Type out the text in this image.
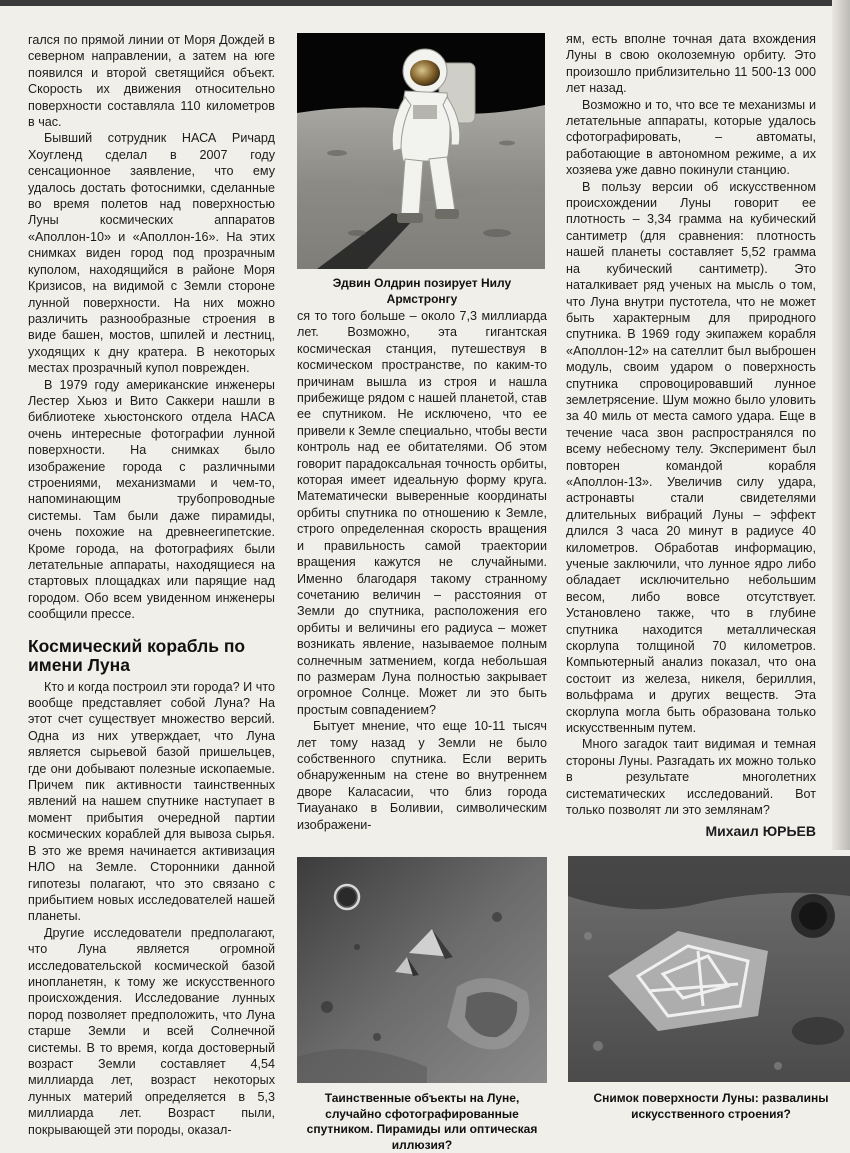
гался по прямой линии от Моря Дождей в северном направлении, а затем на юге появился и второй светящийся объект. Скорость их движения относительно поверхности составляла 110 километров в час.

Бывший сотрудник НАСА Ричард Хоугленд сделал в 2007 году сенсационное заявление, что ему удалось достать фотоснимки, сделанные во время полетов над поверхностью Луны космических аппаратов «Аполлон-10» и «Аполлон-16». На этих снимках виден город под прозрачным куполом, находящийся в районе Моря Кризисов, на видимой с Земли стороне лунной поверхности. На них можно различить разнообразные строения в виде башен, мостов, шпилей и лестниц, уходящих к дну кратера. В некоторых местах прозрачный купол поврежден.

В 1979 году американские инженеры Лестер Хьюз и Вито Саккери нашли в библиотеке хьюстонского отдела НАСА очень интересные фотографии лунной поверхности. На снимках было изображение города с различными строениями, механизмами и чем-то, напоминающим трубопроводные системы. Там были даже пирамиды, очень похожие на древнеегипетские. Кроме города, на фотографиях были летательные аппараты, находящиеся на стартовых площадках или парящие над городом. Обо всем увиденном инженеры сообщили прессе.

Космический корабль по имени Луна

Кто и когда построил эти города? И что вообще представляет собой Луна? На этот счет существует множество версий. Одна из них утверждает, что Луна является сырьевой базой пришельцев, где они добывают полезные ископаемые. Причем пик активности таинственных явлений на нашем спутнике наступает в момент прибытия очередной партии космических кораблей для вывоза сырья. В это же время начинается активизация НЛО на Земле. Сторонники данной гипотезы полагают, что это связано с прибытием новых исследователей нашей планеты.

Другие исследователи предполагают, что Луна является огромной исследовательской космической базой инопланетян, к тому же искусственного происхождения. Исследование лунных пород позволяет предположить, что Луна старше Земли и всей Солнечной системы. В то время, когда достоверный возраст Земли составляет 4,54 миллиарда лет, возраст некоторых лунных материй определяется в 5,3 миллиарда лет. Возраст пыли, покрывающей эти породы, оказал-

Эдвин Олдрин позирует Нилу Армстронгу

ся то того больше – около 7,3 миллиарда лет. Возможно, эта гигантская космическая станция, путешествуя в космическом пространстве, по каким-то причинам вышла из строя и нашла прибежище рядом с нашей планетой, став ее спутником. Не исключено, что ее привели к Земле специально, чтобы вести контроль над ее обитателями. Об этом говорит парадоксальная точность орбиты, которая имеет идеальную форму круга. Математически выверенные координаты орбиты спутника по отношению к Земле, строго определенная скорость вращения и правильность самой траектории вращения кажутся не случайными. Именно благодаря такому странному сочетанию величин – расстояния от Земли до спутника, расположения его орбиты и величины его радиуса – может возникать явление, называемое полным солнечным затмением, когда небольшая по размерам Луна полностью закрывает огромное Солнце. Может ли это быть простым совпадением?

Бытует мнение, что еще 10-11 тысяч лет тому назад у Земли не было собственного спутника. Если верить обнаруженным на стене во внутреннем дворе Каласасии, что близ города Тиауанако в Боливии, символическим изображени-

ям, есть вполне точная дата вхождения Луны в свою околоземную орбиту. Это произошло приблизительно 11 500-13 000 лет назад.

Возможно и то, что все те механизмы и летательные аппараты, которые удалось сфотографировать, – автоматы, работающие в автономном режиме, а их хозяева уже давно покинули станцию.

В пользу версии об искусственном происхождении Луны говорит ее плотность – 3,34 грамма на кубический сантиметр (для сравнения: плотность нашей планеты составляет 5,52 грамма на кубический сантиметр). Это наталкивает ряд ученых на мысль о том, что Луна внутри пустотела, что не может быть характерным для природного спутника. В 1969 году экипажем корабля «Аполлон-12» на сателлит был выброшен модуль, своим ударом о поверхность спутника спровоцировавший лунное землетрясение. Шум можно было уловить за 40 миль от места самого удара. Еще в течение часа звон распространялся по всему небесному телу. Эксперимент был повторен командой корабля «Аполлон-13». Увеличив силу удара, астронавты стали свидетелями длительных вибраций Луны – эффект длился 3 часа 20 минут в радиусе 40 километров. Обработав информацию, ученые заключили, что лунное ядро либо обладает исключительно небольшим весом, либо вовсе отсутствует. Установлено также, что в глубине спутника находится металлическая скорлупа толщиной 70 километров. Компьютерный анализ показал, что она состоит из железа, никеля, бериллия, вольфрама и других веществ. Эта скорлупа могла быть образована только искусственным путем.

Много загадок таит видимая и темная стороны Луны. Разгадать их можно только в результате многолетних систематических исследований. Вот только позволят ли это землянам?

Михаил ЮРЬЕВ
Таинственные объекты на Луне, случайно сфотографированные спутником. Пирамиды или оптическая иллюзия?
Снимок поверхности Луны: развалины искусственного строения?
